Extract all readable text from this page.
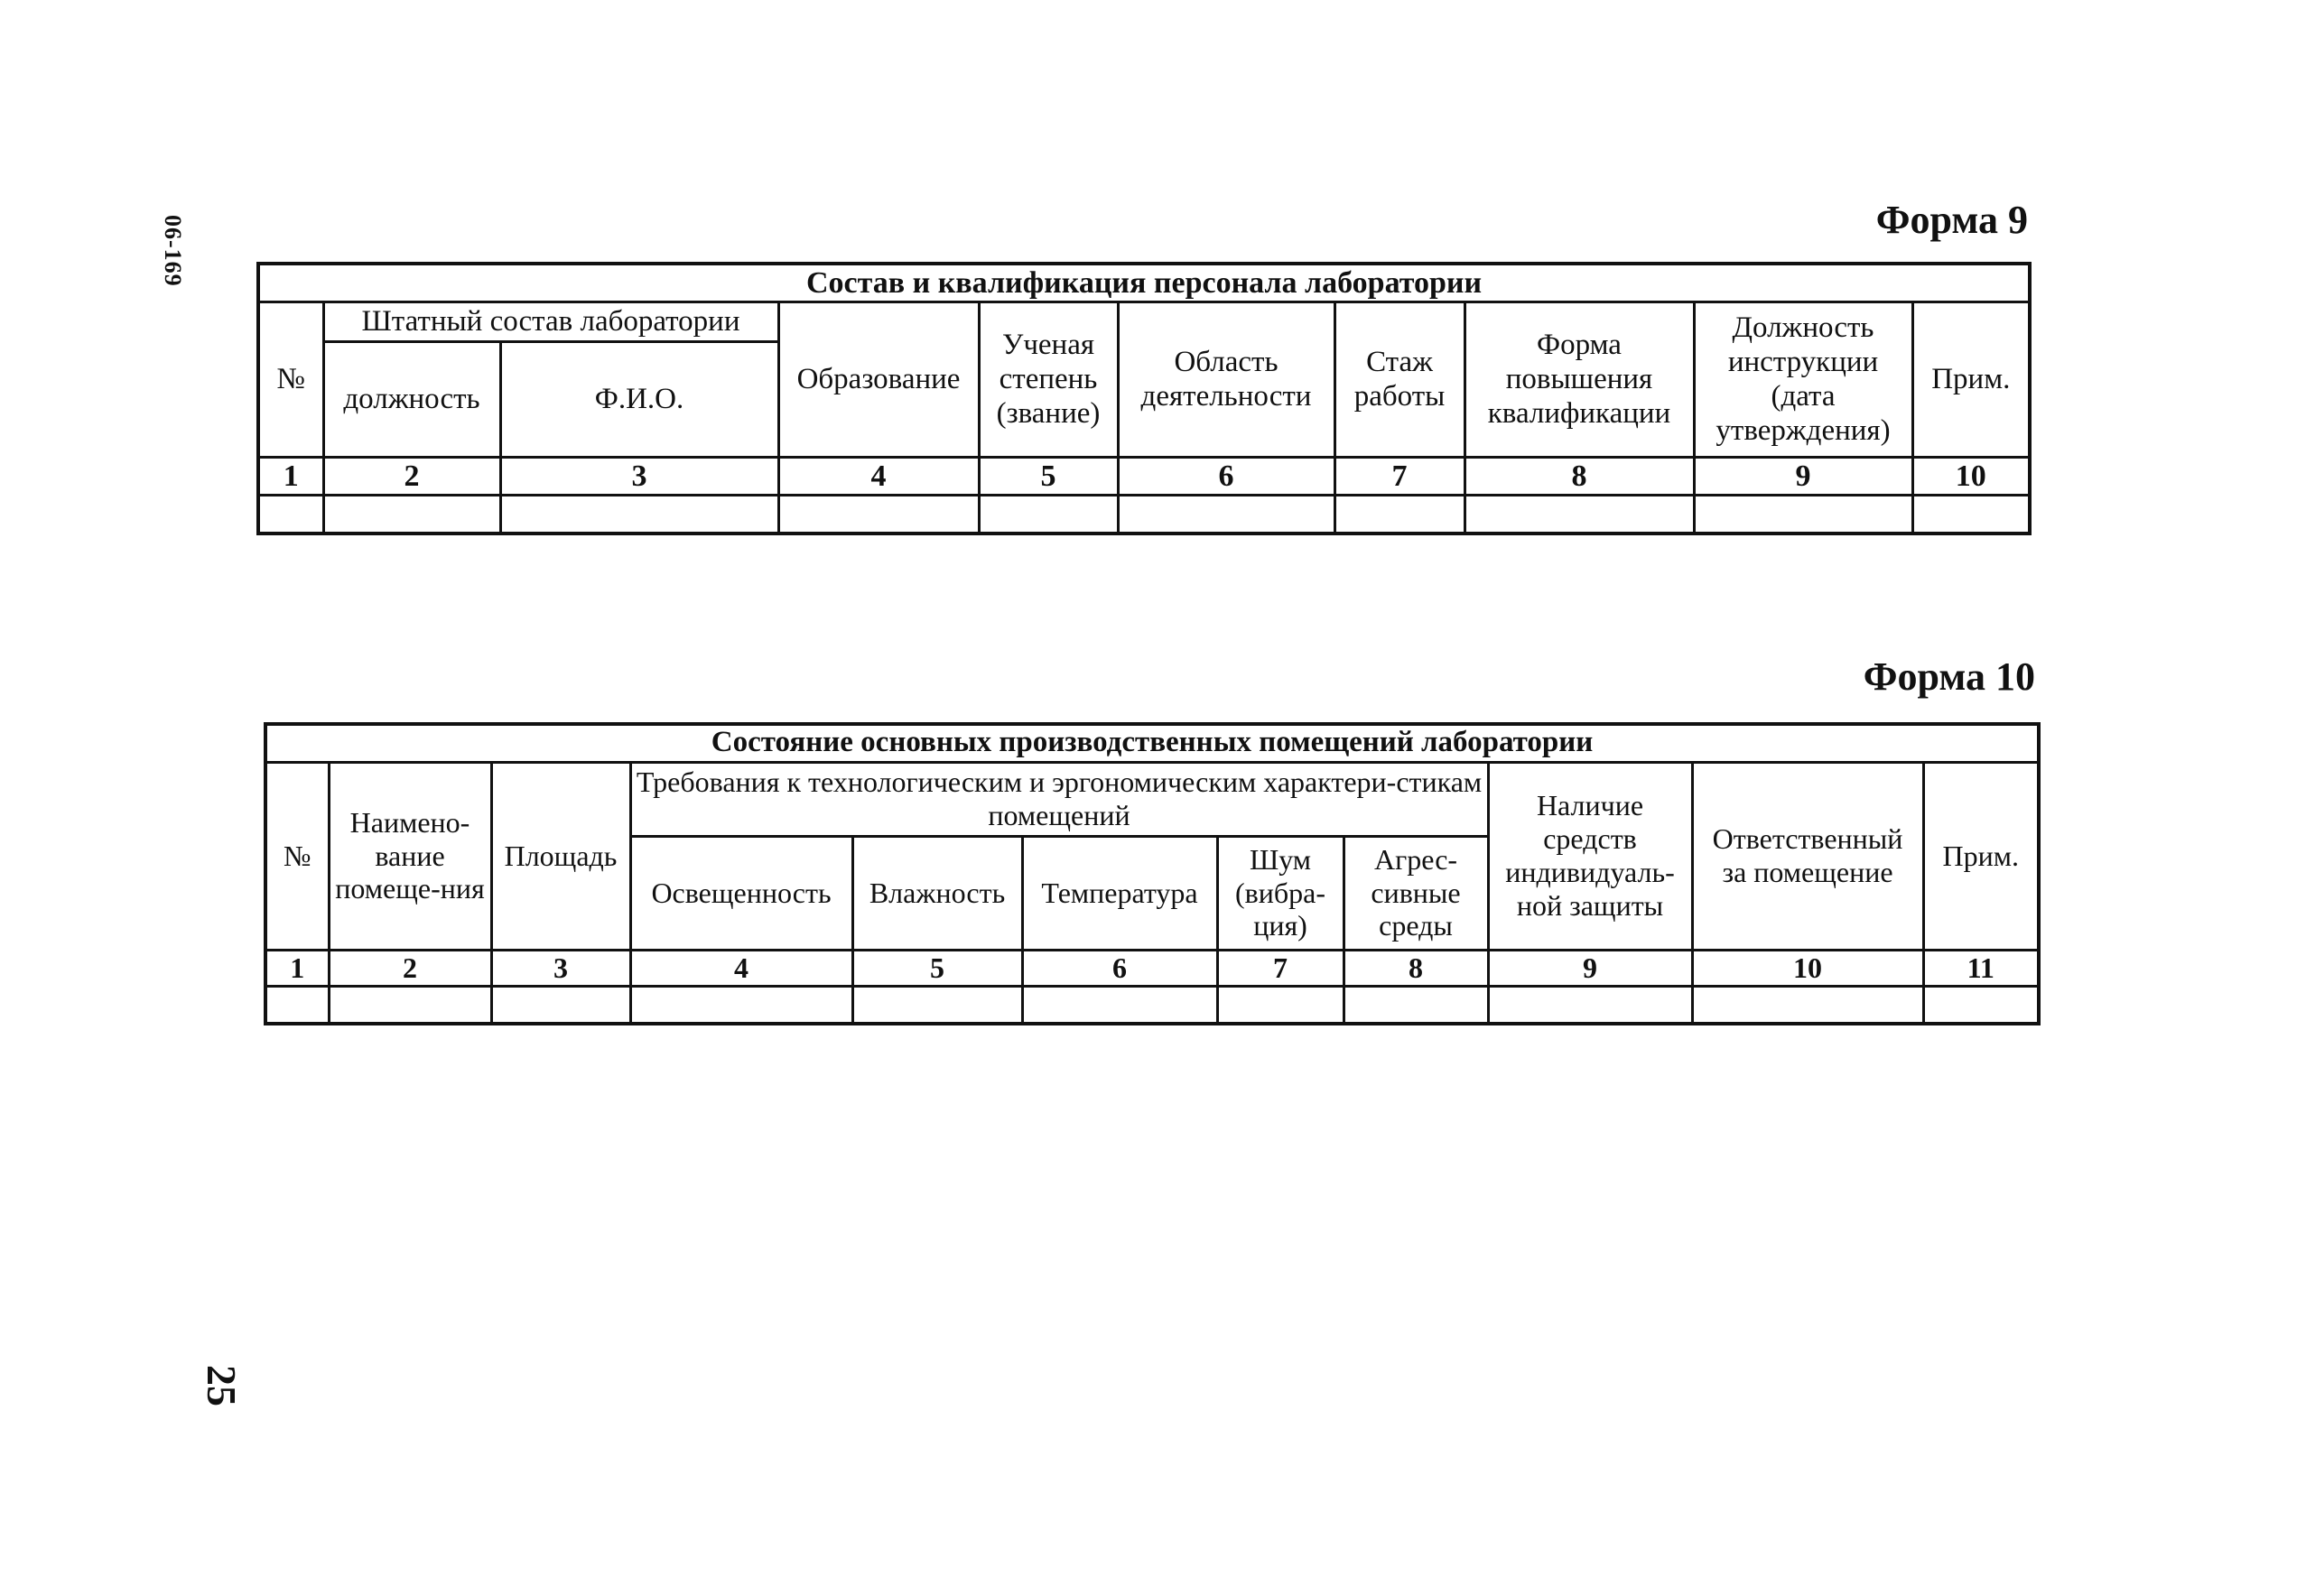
06-169
25
Форма 9
Состав и квалификация персонала лаборатории									
№	Штатный состав лаборатории		Образование	Ученая степень (звание)	Область деятельности	Стаж работы	Форма повышения квалификации	Должность инструкции (дата утверждения)	Прим.
	должность	Ф.И.О.							
1	2	3	4	5	6	7	8	9	10

Форма 10
Состояние основных производственных помещений лаборатории										
№	Наимено-вание помеще-ния	Площадь	Требования к технологическим и эргономическим характери-стикам помещений					Наличие средств индивидуаль-ной защиты	Ответственный за помещение	Прим.
			Освещенность	Влажность	Температура	Шум (вибра-ция)	Агрес-сивные среды			
1	2	3	4	5	6	7	8	9	10	11
